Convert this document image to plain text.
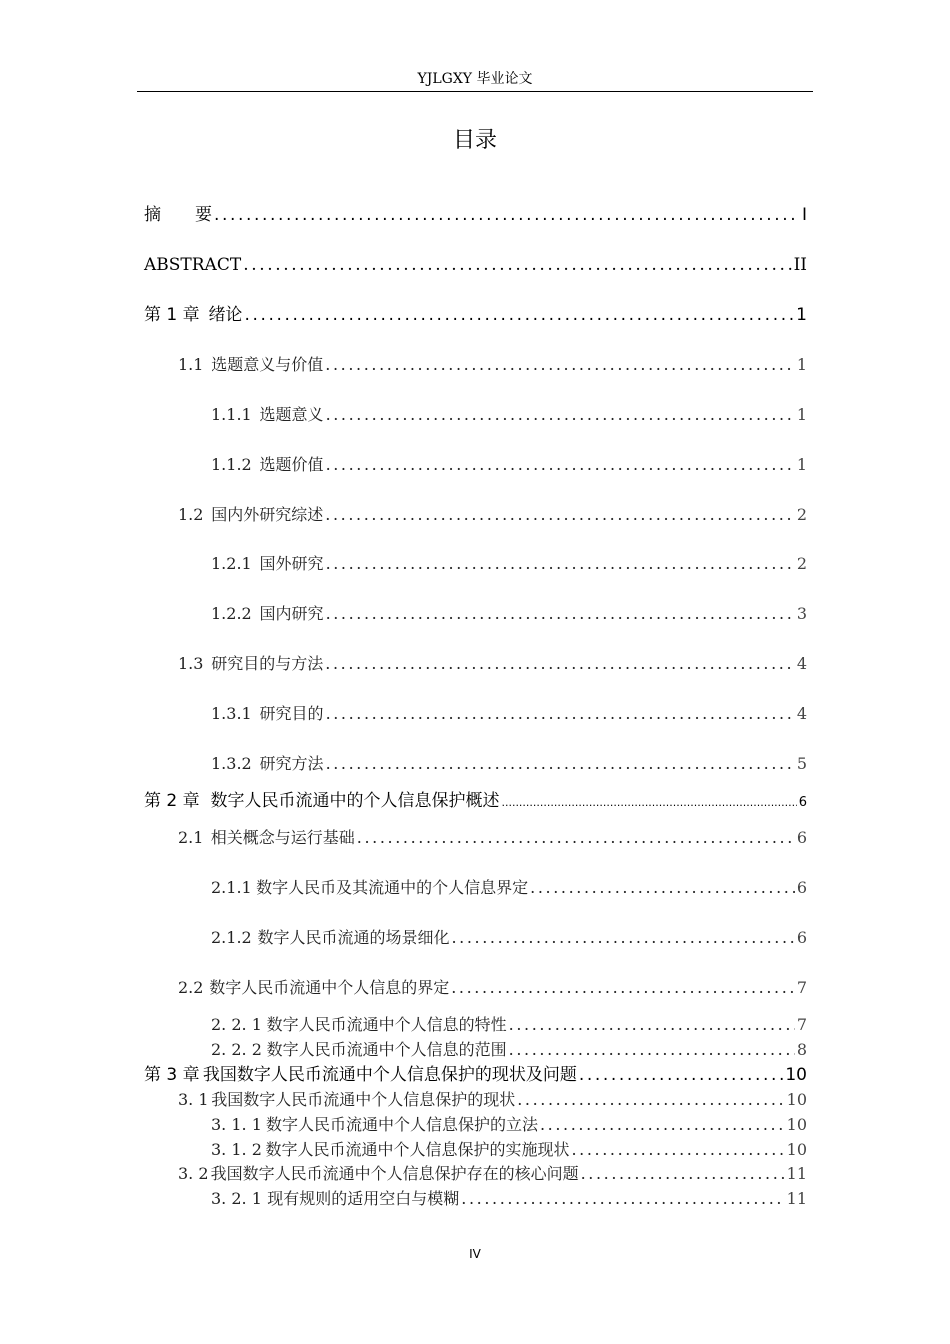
YJLGXY 毕业论文
目录
摘　　要 .....	I
ABSTRACT .....	II
第 1 章 绪论 .....	1
1.1 选题意义与价值 .....	1
1.1.1 选题意义 .....	1
1.1.2 选题价值 .....	1
1.2 国内外研究综述 .....	2
1.2.1 国外研究 .....	2
1.2.2 国内研究 .....	3
1.3 研究目的与方法 .....	4
1.3.1 研究目的 .....	4
1.3.2 研究方法 .....	5
第 2 章 数字人民币流通中的个人信息保护概述 .....	6
2.1 相关概念与运行基础 .....	6
2.1.1 数字人民币及其流通中的个人信息界定 .....	6
2.1.2 数字人民币流通的场景细化 .....	6
2.2 数字人民币流通中个人信息的界定 .....	7
2. 2. 1 数字人民币流通中个人信息的特性 .....	7
2. 2. 2 数字人民币流通中个人信息的范围 .....	8
第 3 章 我国数字人民币流通中个人信息保护的现状及问题 .....	10
3. 1 我国数字人民币流通中个人信息保护的现状 .....	10
3. 1. 1 数字人民币流通中个人信息保护的立法 .....	10
3. 1. 2 数字人民币流通中个人信息保护的实施现状 .....	10
3. 2 我国数字人民币流通中个人信息保护存在的核心问题 .....	11
3. 2. 1 现有规则的适用空白与模糊 .....	11
IV
